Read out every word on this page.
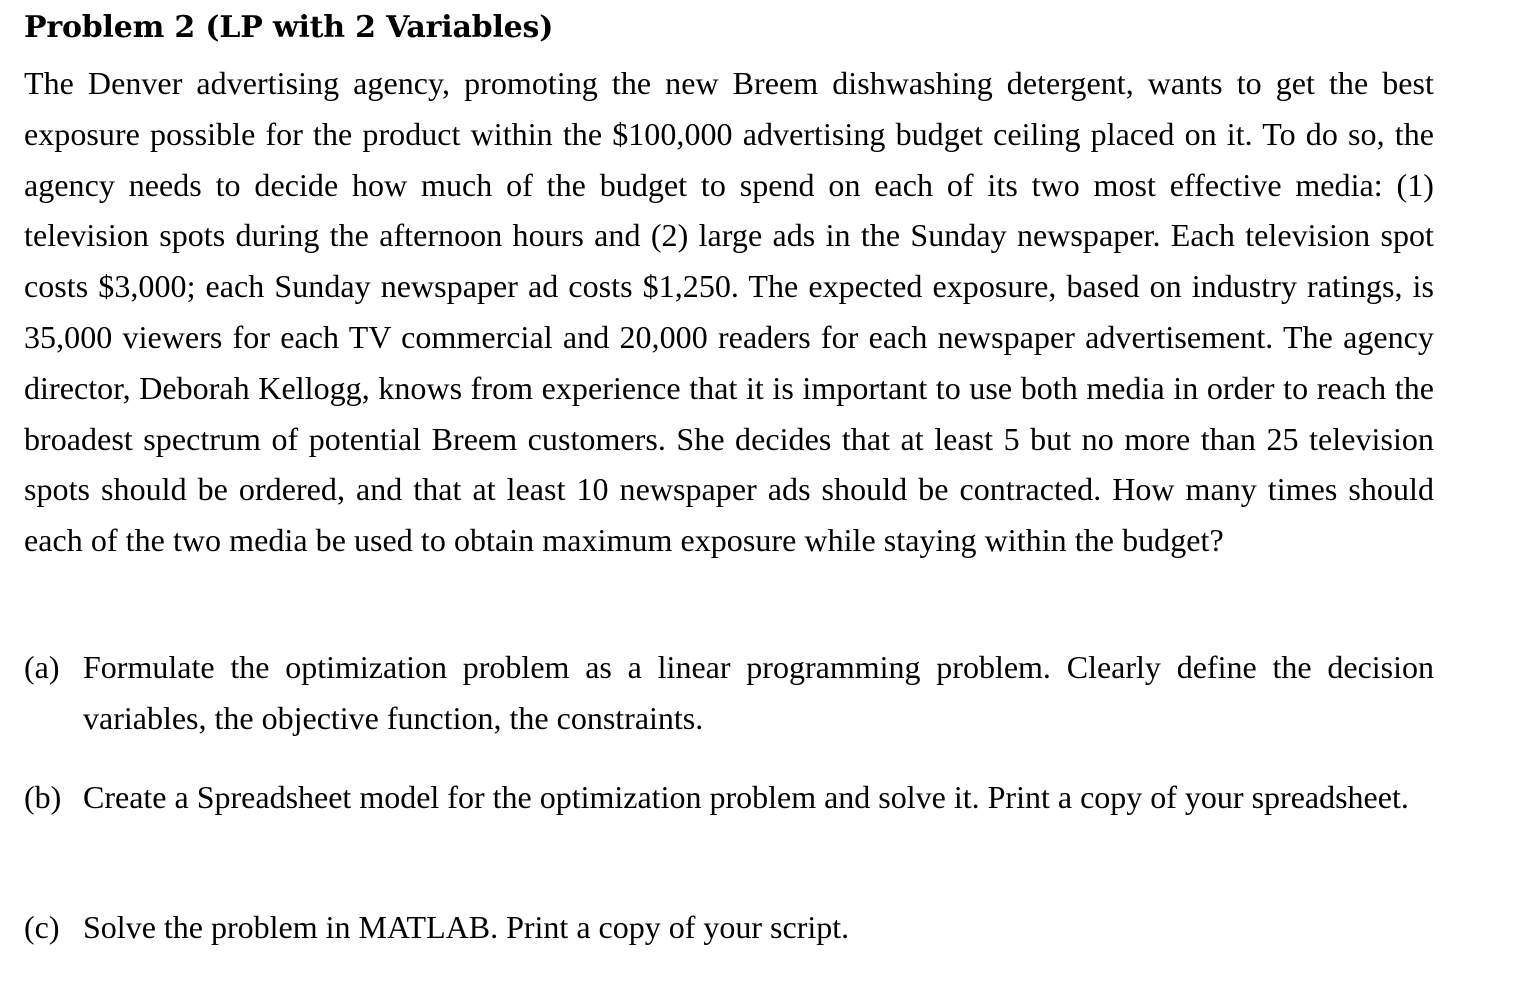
Problem 2 (LP with 2 Variables)

The Denver advertising agency, promoting the new Breem dishwashing detergent, wants to get the best exposure possible for the product within the $100,000 advertising budget ceiling placed on it. To do so, the agency needs to decide how much of the budget to spend on each of its two most effective media: (1) television spots during the afternoon hours and (2) large ads in the Sunday newspaper. Each television spot costs $3,000; each Sunday newspaper ad costs $1,250. The expected exposure, based on industry ratings, is 35,000 viewers for each TV commercial and 20,000 readers for each newspaper advertisement. The agency director, Deborah Kellogg, knows from experience that it is important to use both media in order to reach the broadest spectrum of potential Breem customers. She decides that at least 5 but no more than 25 television spots should be ordered, and that at least 10 newspaper ads should be contracted. How many times should each of the two media be used to obtain maximum exposure while staying within the budget?

(a) Formulate the optimization problem as a linear programming problem. Clearly define the decision variables, the objective function, the constraints.
(b) Create a Spreadsheet model for the optimization problem and solve it. Print a copy of your spreadsheet.
(c) Solve the problem in MATLAB. Print a copy of your script.
